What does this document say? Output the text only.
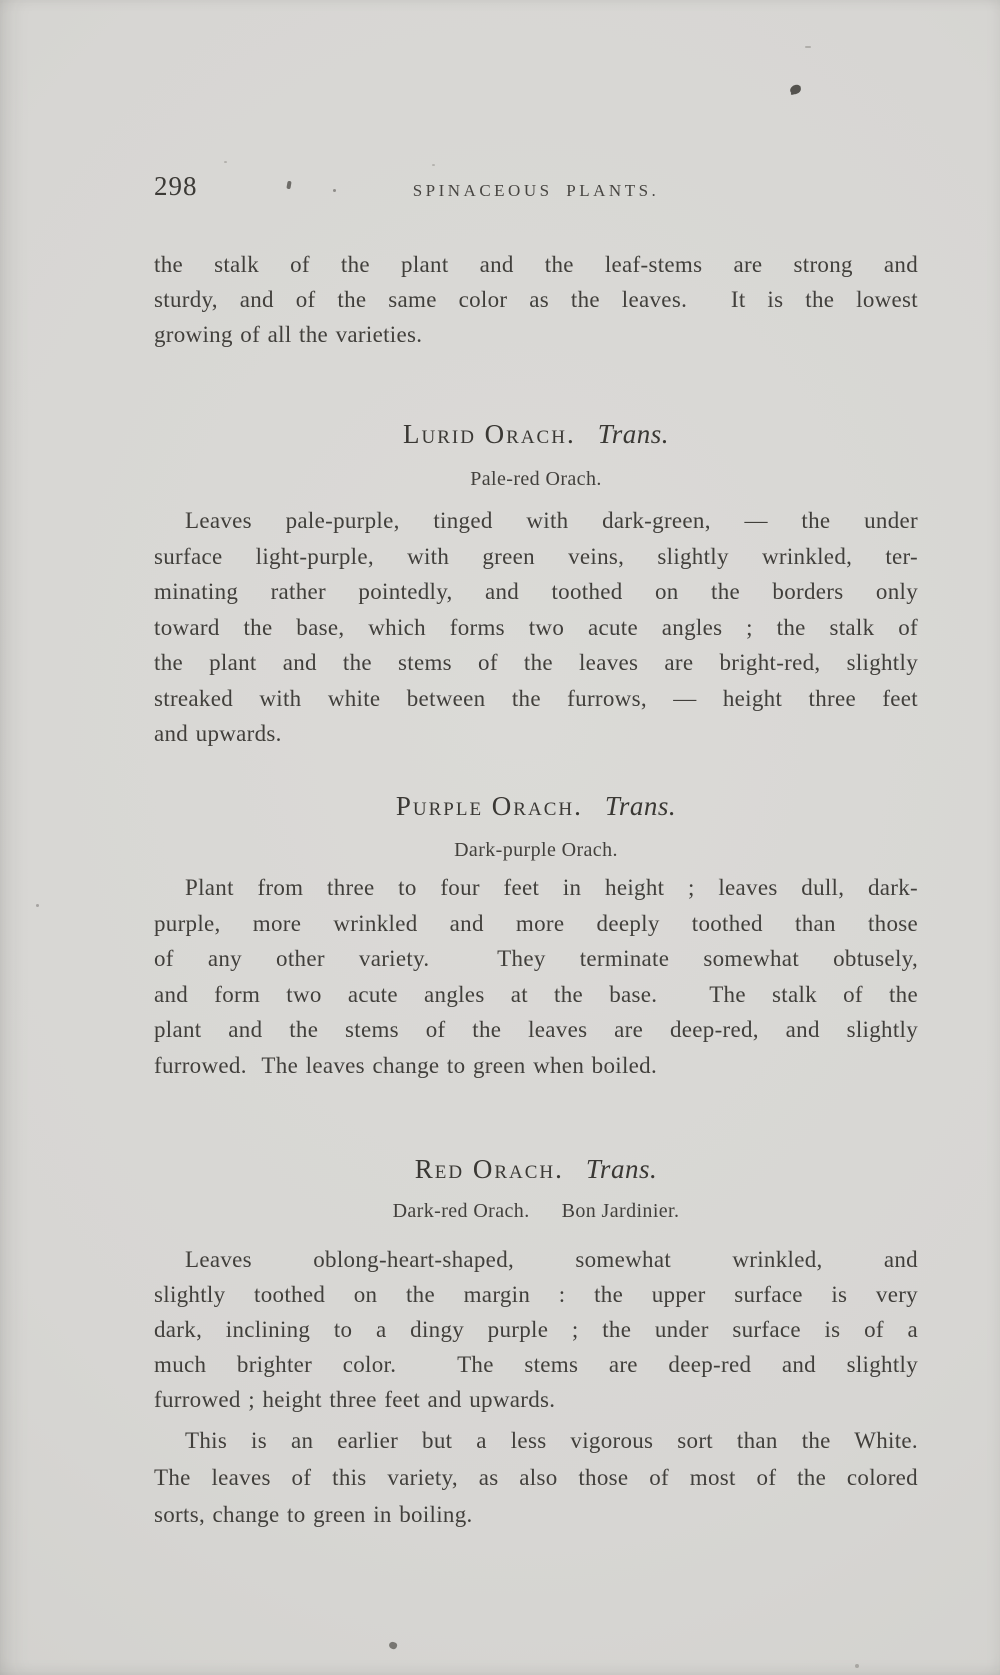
298	SPINACEOUS PLANTS.
the stalk of the plant and the leaf-stems are strong and
sturdy, and of the same color as the leaves.  It is the lowest
growing of all the varieties.
Lurid Orach. Trans.
Pale-red Orach.
Leaves pale-purple, tinged with dark-green, — the under
surface light-purple, with green veins, slightly wrinkled, ter-
minating rather pointedly, and toothed on the borders only
toward the base, which forms two acute angles ; the stalk of
the plant and the stems of the leaves are bright-red, slightly
streaked with white between the furrows, — height three feet
and upwards.
Purple Orach. Trans.
Dark-purple Orach.
Plant from three to four feet in height ; leaves dull, dark-
purple, more wrinkled and more deeply toothed than those
of any other variety.  They terminate somewhat obtusely,
and form two acute angles at the base.  The stalk of the
plant and the stems of the leaves are deep-red, and slightly
furrowed.  The leaves change to green when boiled.
Red Orach. Trans.
Dark-red Orach. Bon Jardinier.
Leaves oblong-heart-shaped, somewhat wrinkled, and
slightly toothed on the margin : the upper surface is very
dark, inclining to a dingy purple ; the under surface is of a
much brighter color.  The stems are deep-red and slightly
furrowed ; height three feet and upwards.
This is an earlier but a less vigorous sort than the White.
The leaves of this variety, as also those of most of the colored
sorts, change to green in boiling.
